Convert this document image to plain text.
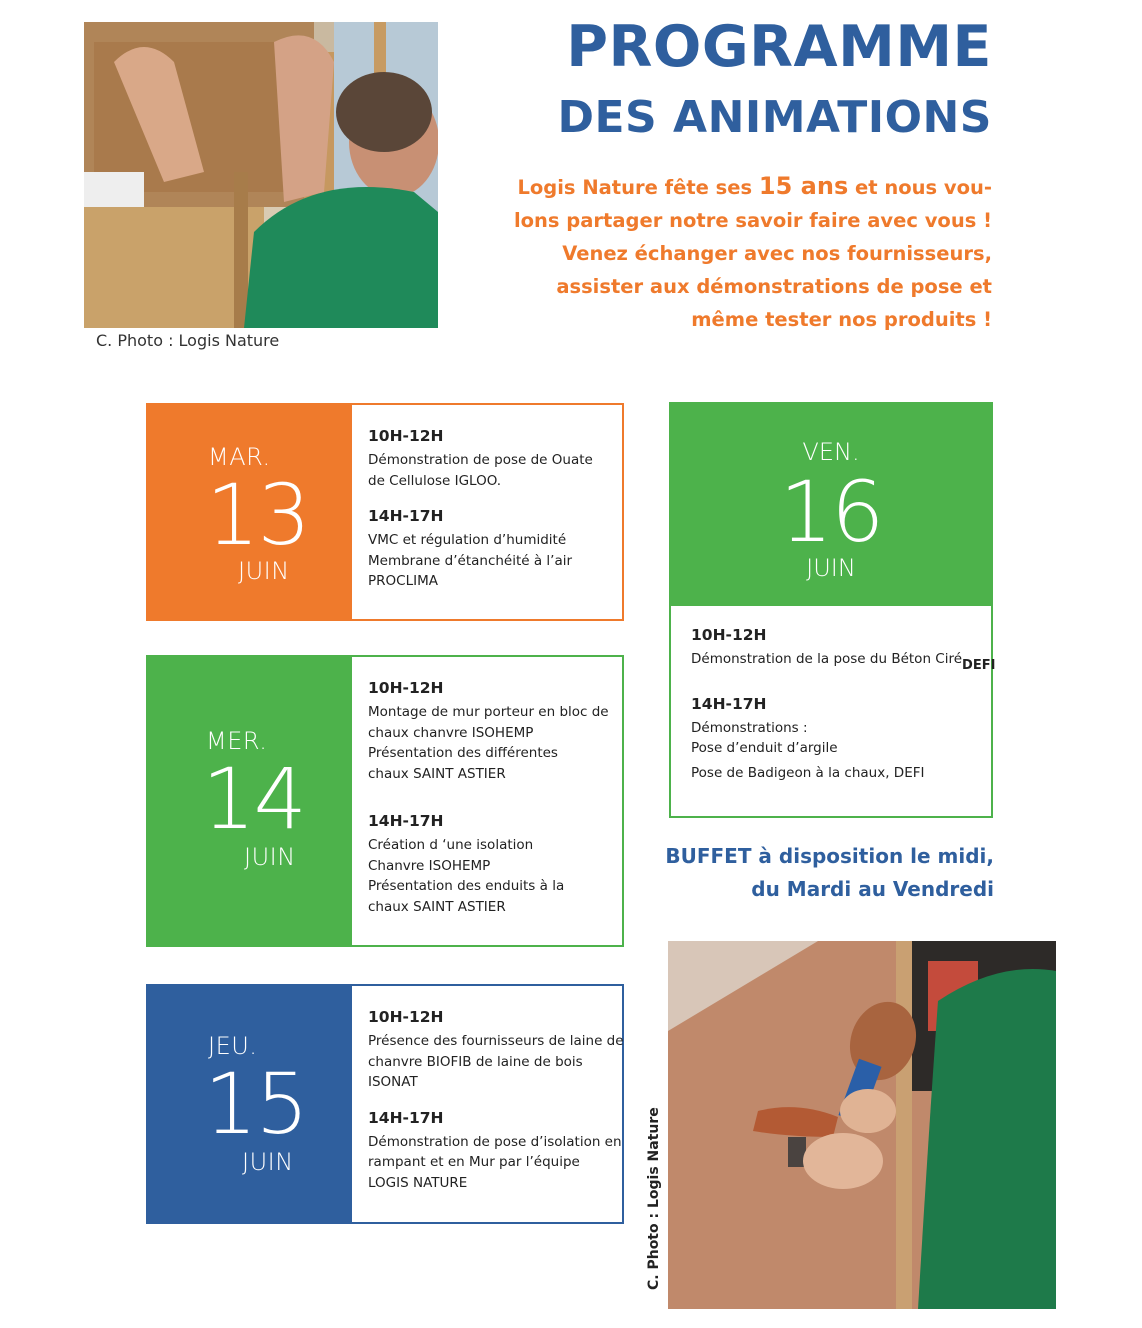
C. Photo : Logis Nature
PROGRAMME
DES ANIMATIONS
Logis Nature fête ses 15 ans et nous vou-
lons partager notre savoir faire avec vous !
Venez échanger avec nos fournisseurs,
assister aux démonstrations de pose et
même tester nos produits !
MAR.
13
JUIN
10H-12H
Démonstration de pose de Ouate
de Cellulose IGLOO.
14H-17H
VMC et régulation d’humidité
Membrane d’étanchéité à l’air
PROCLIMA
MER.
14
JUIN
10H-12H
Montage de mur porteur en bloc de
chaux chanvre ISOHEMP
Présentation des différentes
chaux SAINT ASTIER
14H-17H
Création d ‘une isolation
Chanvre ISOHEMP
Présentation des enduits à la
chaux SAINT ASTIER
JEU.
15
JUIN
10H-12H
Présence des fournisseurs de laine de
chanvre BIOFIB de laine de bois
ISONAT
14H-17H
Démonstration de pose d’isolation en
rampant et en Mur par l’équipe
LOGIS NATURE
VEN.
16
JUIN
10H-12H
Démonstration de la pose du Béton CiréDEFI
14H-17H
Démonstrations :
Pose d’enduit d’argile
Pose de Badigeon à la chaux, DEFI
BUFFET à disposition le midi,
du Mardi au Vendredi
C. Photo : Logis Nature
